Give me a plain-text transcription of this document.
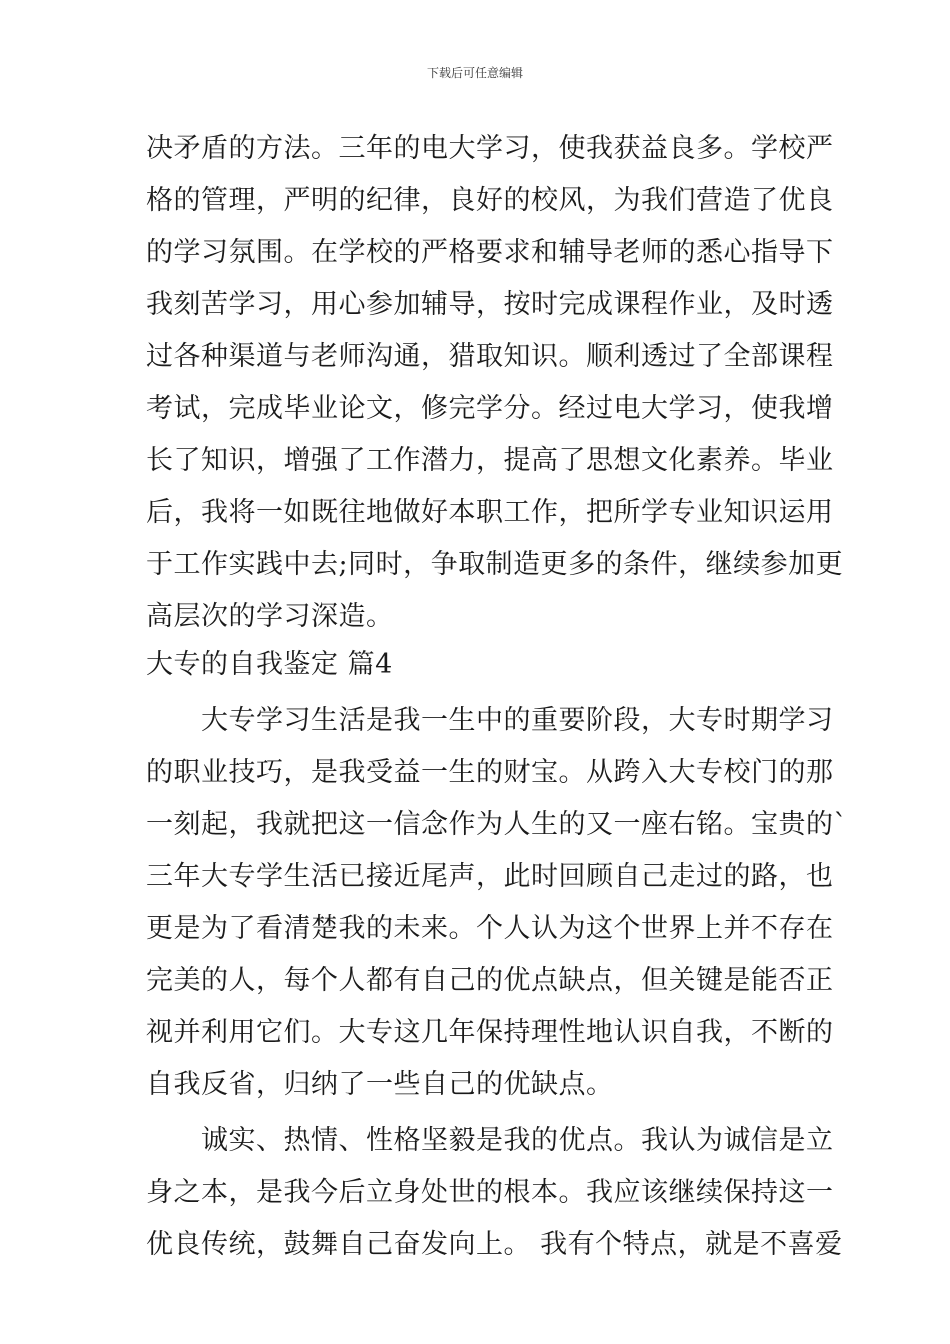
下载后可任意编辑
决矛盾的方法。三年的电大学习，使我获益良多。学校严
格的管理，严明的纪律，良好的校风，为我们营造了优良
的学习氛围。在学校的严格要求和辅导老师的悉心指导下
我刻苦学习，用心参加辅导，按时完成课程作业，及时透
过各种渠道与老师沟通，猎取知识。顺利透过了全部课程
考试，完成毕业论文，修完学分。经过电大学习，使我增
长了知识，增强了工作潜力，提高了思想文化素养。毕业
后，我将一如既往地做好本职工作，把所学专业知识运用
于工作实践中去;同时，争取制造更多的条件，继续参加更
高层次的学习深造。
大专的自我鉴定 篇4
　　大专学习生活是我一生中的重要阶段，大专时期学习
的职业技巧，是我受益一生的财宝。从跨入大专校门的那
一刻起，我就把这一信念作为人生的又一座右铭。宝贵的`
三年大专学生活已接近尾声，此时回顾自己走过的路，也
更是为了看清楚我的未来。个人认为这个世界上并不存在
完美的人，每个人都有自己的优点缺点，但关键是能否正
视并利用它们。大专这几年保持理性地认识自我，不断的
自我反省，归纳了一些自己的优缺点。
　　诚实、热情、性格坚毅是我的优点。我认为诚信是立
身之本，是我今后立身处世的根本。我应该继续保持这一
优良传统，鼓舞自己奋发向上。 我有个特点，就是不喜爱
